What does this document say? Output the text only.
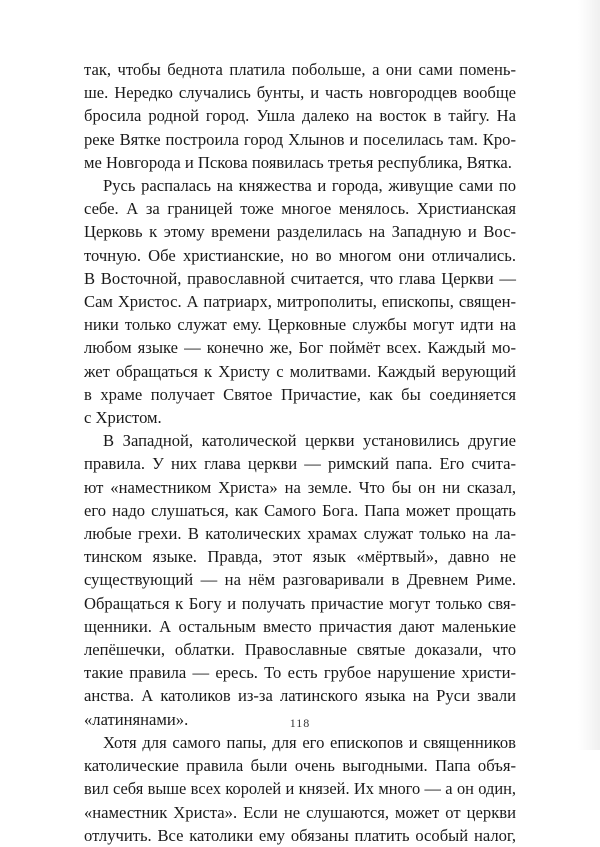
так, чтобы беднота платила побольше, а они сами помень-
ше. Нередко случались бунты, и часть новгородцев вообще
бросила родной город. Ушла далеко на восток в тайгу. На
реке Вятке построила город Хлынов и поселилась там. Кро-
ме Новгорода и Пскова появилась третья республика, Вятка.
Русь распалась на княжества и города, живущие сами по
себе. А за границей тоже многое менялось. Христианская
Церковь к этому времени разделилась на Западную и Вос-
точную. Обе христианские, но во многом они отличались.
В Восточной, православной считается, что глава Церкви —
Сам Христос. А патриарх, митрополиты, епископы, священ-
ники только служат ему. Церковные службы могут идти на
любом языке — конечно же, Бог поймёт всех. Каждый мо-
жет обращаться к Христу с молитвами. Каждый верующий
в храме получает Святое Причастие, как бы соединяется
с Христом.
В Западной, католической церкви установились другие
правила. У них глава церкви — римский папа. Его счита-
ют «наместником Христа» на земле. Что бы он ни сказал,
его надо слушаться, как Самого Бога. Папа может прощать
любые грехи. В католических храмах служат только на ла-
тинском языке. Правда, этот язык «мёртвый», давно не
существующий — на нём разговаривали в Древнем Риме.
Обращаться к Богу и получать причастие могут только свя-
щенники. А остальным вместо причастия дают маленькие
лепёшечки, облатки. Православные святые доказали, что
такие правила — ересь. То есть грубое нарушение христи-
анства. А католиков из-за латинского языка на Руси звали
«латинянами».
Хотя для самого папы, для его епископов и священников
католические правила были очень выгодными. Папа объя-
вил себя выше всех королей и князей. Их много — а он один,
«наместник Христа». Если не слушаются, может от церкви
отлучить. Все католики ему обязаны платить особый налог,
118
